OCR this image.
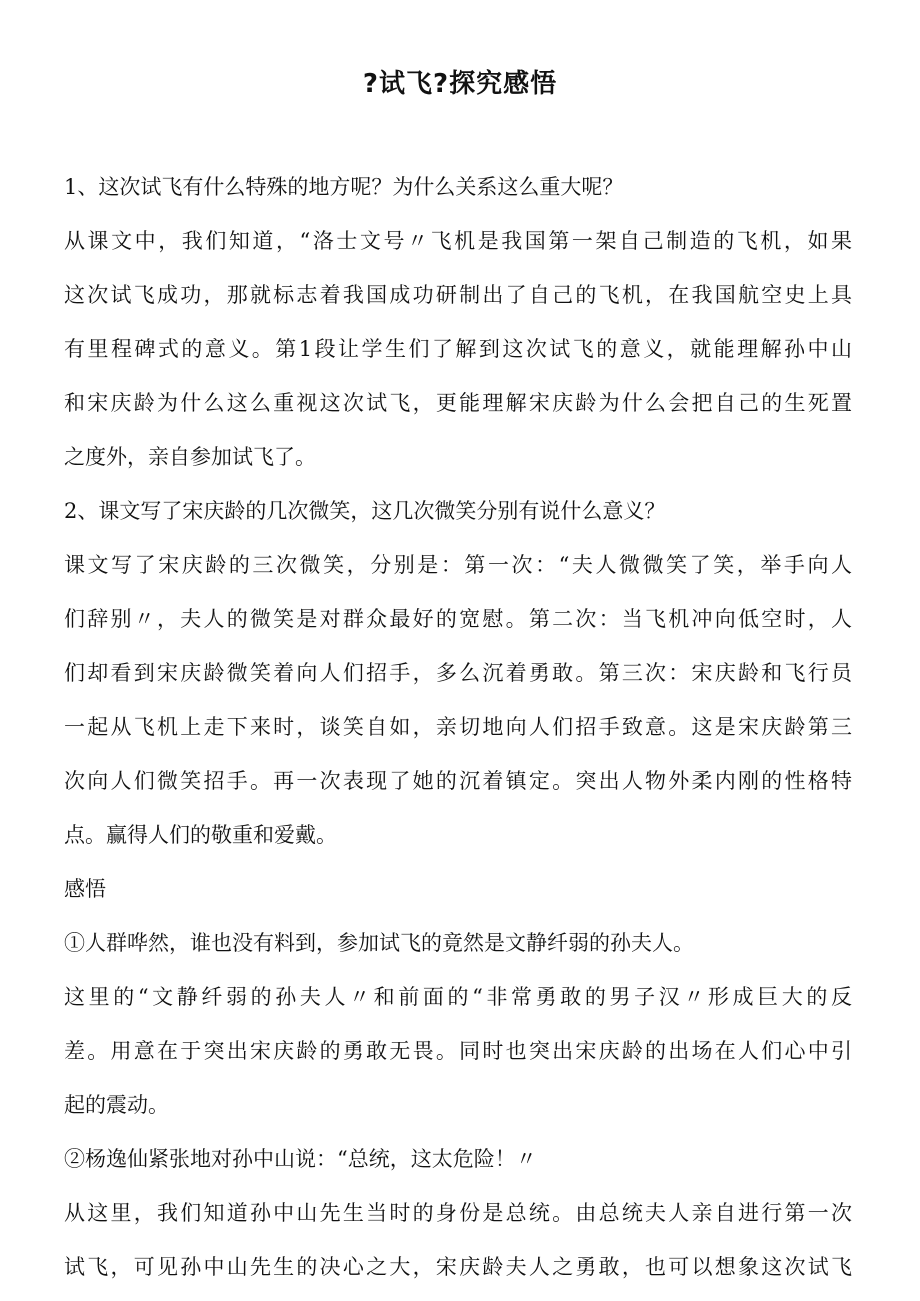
?试飞?探究感悟
1、这次试飞有什么特殊的地方呢？为什么关系这么重大呢？
从课文中，我们知道，“洛士文号〃飞机是我国第一架自己制造的飞机，如果
这次试飞成功，那就标志着我国成功研制出了自己的飞机，在我国航空史上具
有里程碑式的意义。第1段让学生们了解到这次试飞的意义，就能理解孙中山
和宋庆龄为什么这么重视这次试飞，更能理解宋庆龄为什么会把自己的生死置
之度外，亲自参加试飞了。
2、课文写了宋庆龄的几次微笑，这几次微笑分别有说什么意义？
课文写了宋庆龄的三次微笑，分别是：第一次：“夫人微微笑了笑，举手向人
们辞别〃，夫人的微笑是对群众最好的宽慰。第二次：当飞机冲向低空时，人
们却看到宋庆龄微笑着向人们招手，多么沉着勇敢。第三次：宋庆龄和飞行员
一起从飞机上走下来时，谈笑自如，亲切地向人们招手致意。这是宋庆龄第三
次向人们微笑招手。再一次表现了她的沉着镇定。突出人物外柔内刚的性格特
点。赢得人们的敬重和爱戴。
感悟
①人群哗然，谁也没有料到，参加试飞的竟然是文静纤弱的孙夫人。
这里的“文静纤弱的孙夫人〃和前面的“非常勇敢的男子汉〃形成巨大的反
差。用意在于突出宋庆龄的勇敢无畏。同时也突出宋庆龄的出场在人们心中引
起的震动。
②杨逸仙紧张地对孙中山说：“总统，这太危险！〃
从这里，我们知道孙中山先生当时的身份是总统。由总统夫人亲自进行第一次
试飞，可见孙中山先生的决心之大，宋庆龄夫人之勇敢，也可以想象这次试飞
